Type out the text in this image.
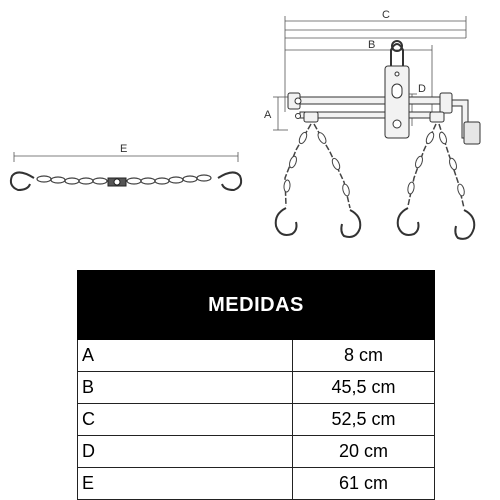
C
B
A
D
E
MEDIDAS	
A	8 cm
B	45,5 cm
C	52,5 cm
D	20 cm
E	61 cm
